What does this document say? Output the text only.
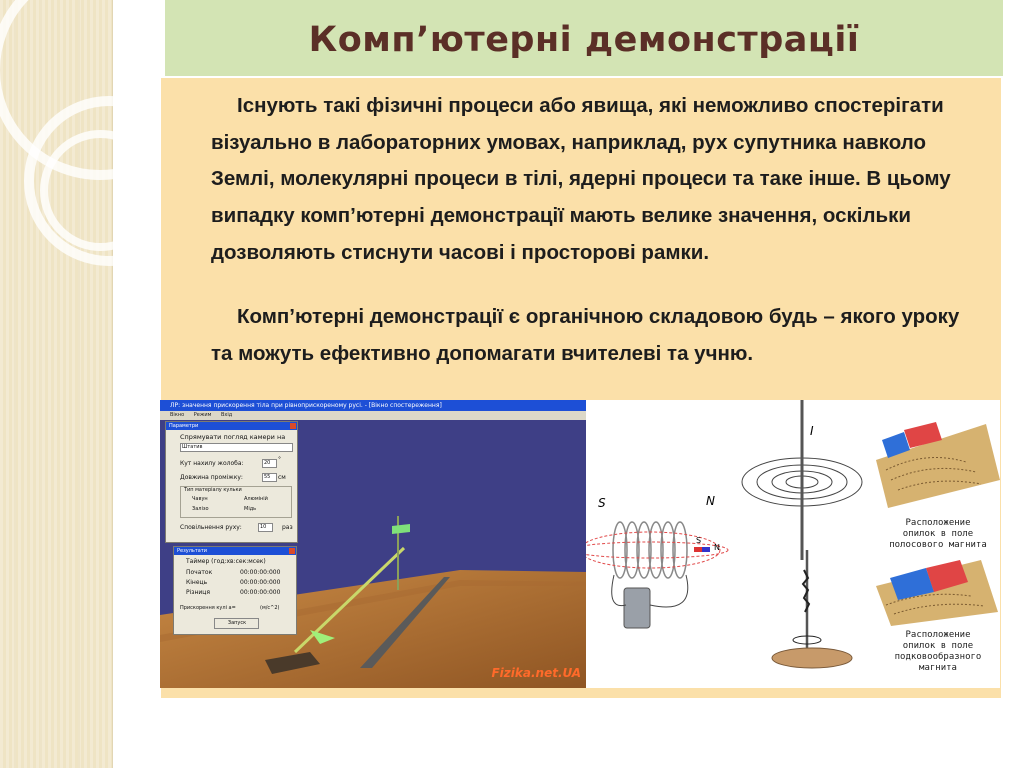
Комп’ютерні демонстрації

Існують такі фізичні процеси або явища, які неможливо спостерігати візуально в лабораторних умовах, наприклад, рух супутника навколо Землі, молекулярні процеси в тілі, ядерні процеси та таке інше. В цьому випадку комп’ютерні демонстрації мають велике значення, оскільки дозволяють стиснути часові і просторові рамки.

Комп’ютерні демонстрації є органічною складовою будь – якого уроку та можуть ефективно допомагати вчителеві та учню.

ЛР: значення прискорення тіла при рівноприскореному русі. - [Вікно спостереження]
Вікно Режим Вхід
Fizika.net.UA
Параметри
Спрямувати погляд камери на
Штатив
Кут нахилу жолоба:	20	°
Довжина проміжку:	55	см
Тип матеріалу кульки
Чавун	Алюміній
Залізо	Мідь
Сповільнення руху:	10	раз
Результати
Таймер (год:хв:сек:мсек)
Початок	00:00:00:000
Кінець	00:00:00:000
Різниця	00:00:00:000
Прискорення кулі а=	(м/с^2)
Запуск
S	N
S
N
I
Расположение
опилок в поле
полосового магнита
Расположение
опилок в поле
подковообразного
магнита
